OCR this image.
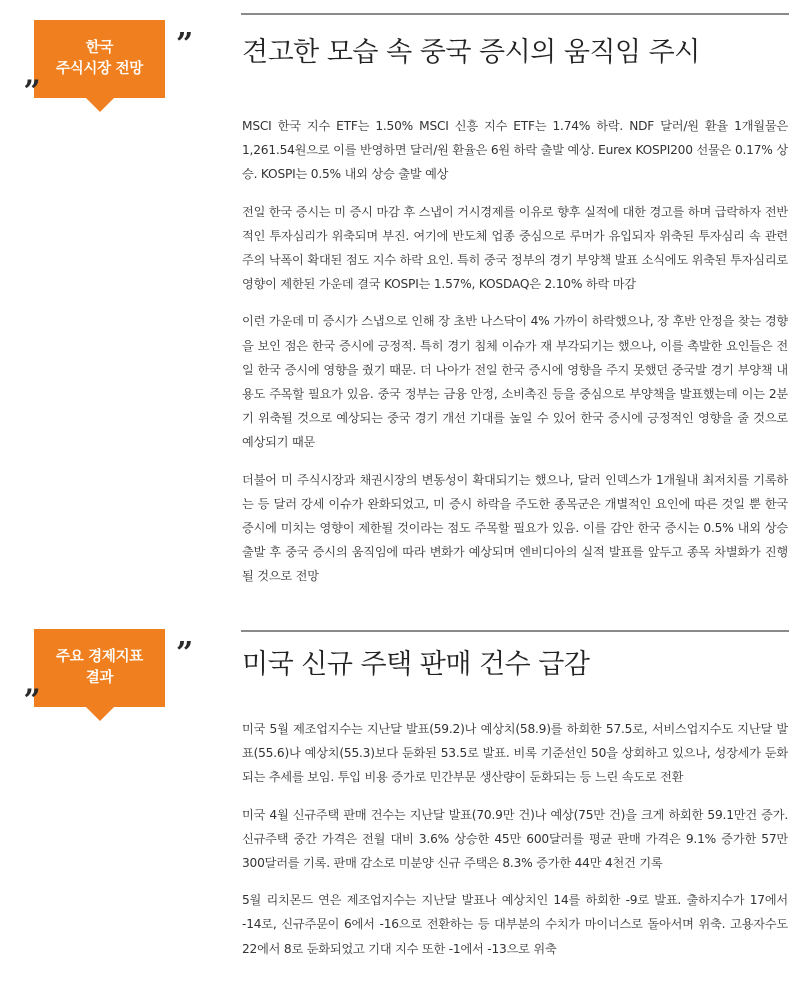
한국
주식시장 전망
„
” 견고한 모습 속 중국 증시의 움직임 주시

MSCI 한국 지수 ETF는 1.50% MSCI 신흥 지수 ETF는 1.74% 하락. NDF 달러/원 환율 1개월물은 1,261.54원으로 이를 반영하면 달러/원 환율은 6원 하락 출발 예상. Eurex KOSPI200 선물은 0.17% 상승. KOSPI는 0.5% 내외 상승 출발 예상

전일 한국 증시는 미 증시 마감 후 스냅이 거시경제를 이유로 향후 실적에 대한 경고를 하며 급락하자 전반적인 투자심리가 위축되며 부진. 여기에 반도체 업종 중심으로 루머가 유입되자 위축된 투자심리 속 관련주의 낙폭이 확대된 점도 지수 하락 요인. 특히 중국 정부의 경기 부양책 발표 소식에도 위축된 투자심리로 영향이 제한된 가운데 결국 KOSPI는 1.57%, KOSDAQ은 2.10% 하락 마감

이런 가운데 미 증시가 스냅으로 인해 장 초반 나스닥이 4% 가까이 하락했으나, 장 후반 안정을 찾는 경향을 보인 점은 한국 증시에 긍정적. 특히 경기 침체 이슈가 재 부각되기는 했으나, 이를 촉발한 요인들은 전일 한국 증시에 영향을 줬기 때문. 더 나아가 전일 한국 증시에 영향을 주지 못했던 중국발 경기 부양책 내용도 주목할 필요가 있음. 중국 정부는 금융 안정, 소비촉진 등을 중심으로 부양책을 발표했는데 이는 2분기 위축될 것으로 예상되는 중국 경기 개선 기대를 높일 수 있어 한국 증시에 긍정적인 영향을 줄 것으로 예상되기 때문

더불어 미 주식시장과 채권시장의 변동성이 확대되기는 했으나, 달러 인덱스가 1개월내 최저치를 기록하는 등 달러 강세 이슈가 완화되었고, 미 증시 하락을 주도한 종목군은 개별적인 요인에 따른 것일 뿐 한국 증시에 미치는 영향이 제한될 것이라는 점도 주목할 필요가 있음. 이를 감안 한국 증시는 0.5% 내외 상승 출발 후 중국 증시의 움직임에 따라 변화가 예상되며 엔비디아의 실적 발표를 앞두고 종목 차별화가 진행 될 것으로 전망

주요 경제지표
결과
„
” 미국 신규 주택 판매 건수 급감

미국 5월 제조업지수는 지난달 발표(59.2)나 예상치(58.9)를 하회한 57.5로, 서비스업지수도 지난달 발표(55.6)나 예상치(55.3)보다 둔화된 53.5로 발표. 비록 기준선인 50을 상회하고 있으나, 성장세가 둔화되는 추세를 보임. 투입 비용 증가로 민간부문 생산량이 둔화되는 등 느린 속도로 전환

미국 4월 신규주택 판매 건수는 지난달 발표(70.9만 건)나 예상(75만 건)을 크게 하회한 59.1만건 증가. 신규주택 중간 가격은 전월 대비 3.6% 상승한 45만 600달러를 평균 판매 가격은 9.1% 증가한 57만 300달러를 기록. 판매 감소로 미분양 신규 주택은 8.3% 증가한 44만 4천건 기록

5월 리치몬드 연은 제조업지수는 지난달 발표나 예상치인 14를 하회한 -9로 발표. 출하지수가 17에서 -14로, 신규주문이 6에서 -16으로 전환하는 등 대부분의 수치가 마이너스로 돌아서며 위축. 고용자수도 22에서 8로 둔화되었고 기대 지수 또한 -1에서 -13으로 위축
